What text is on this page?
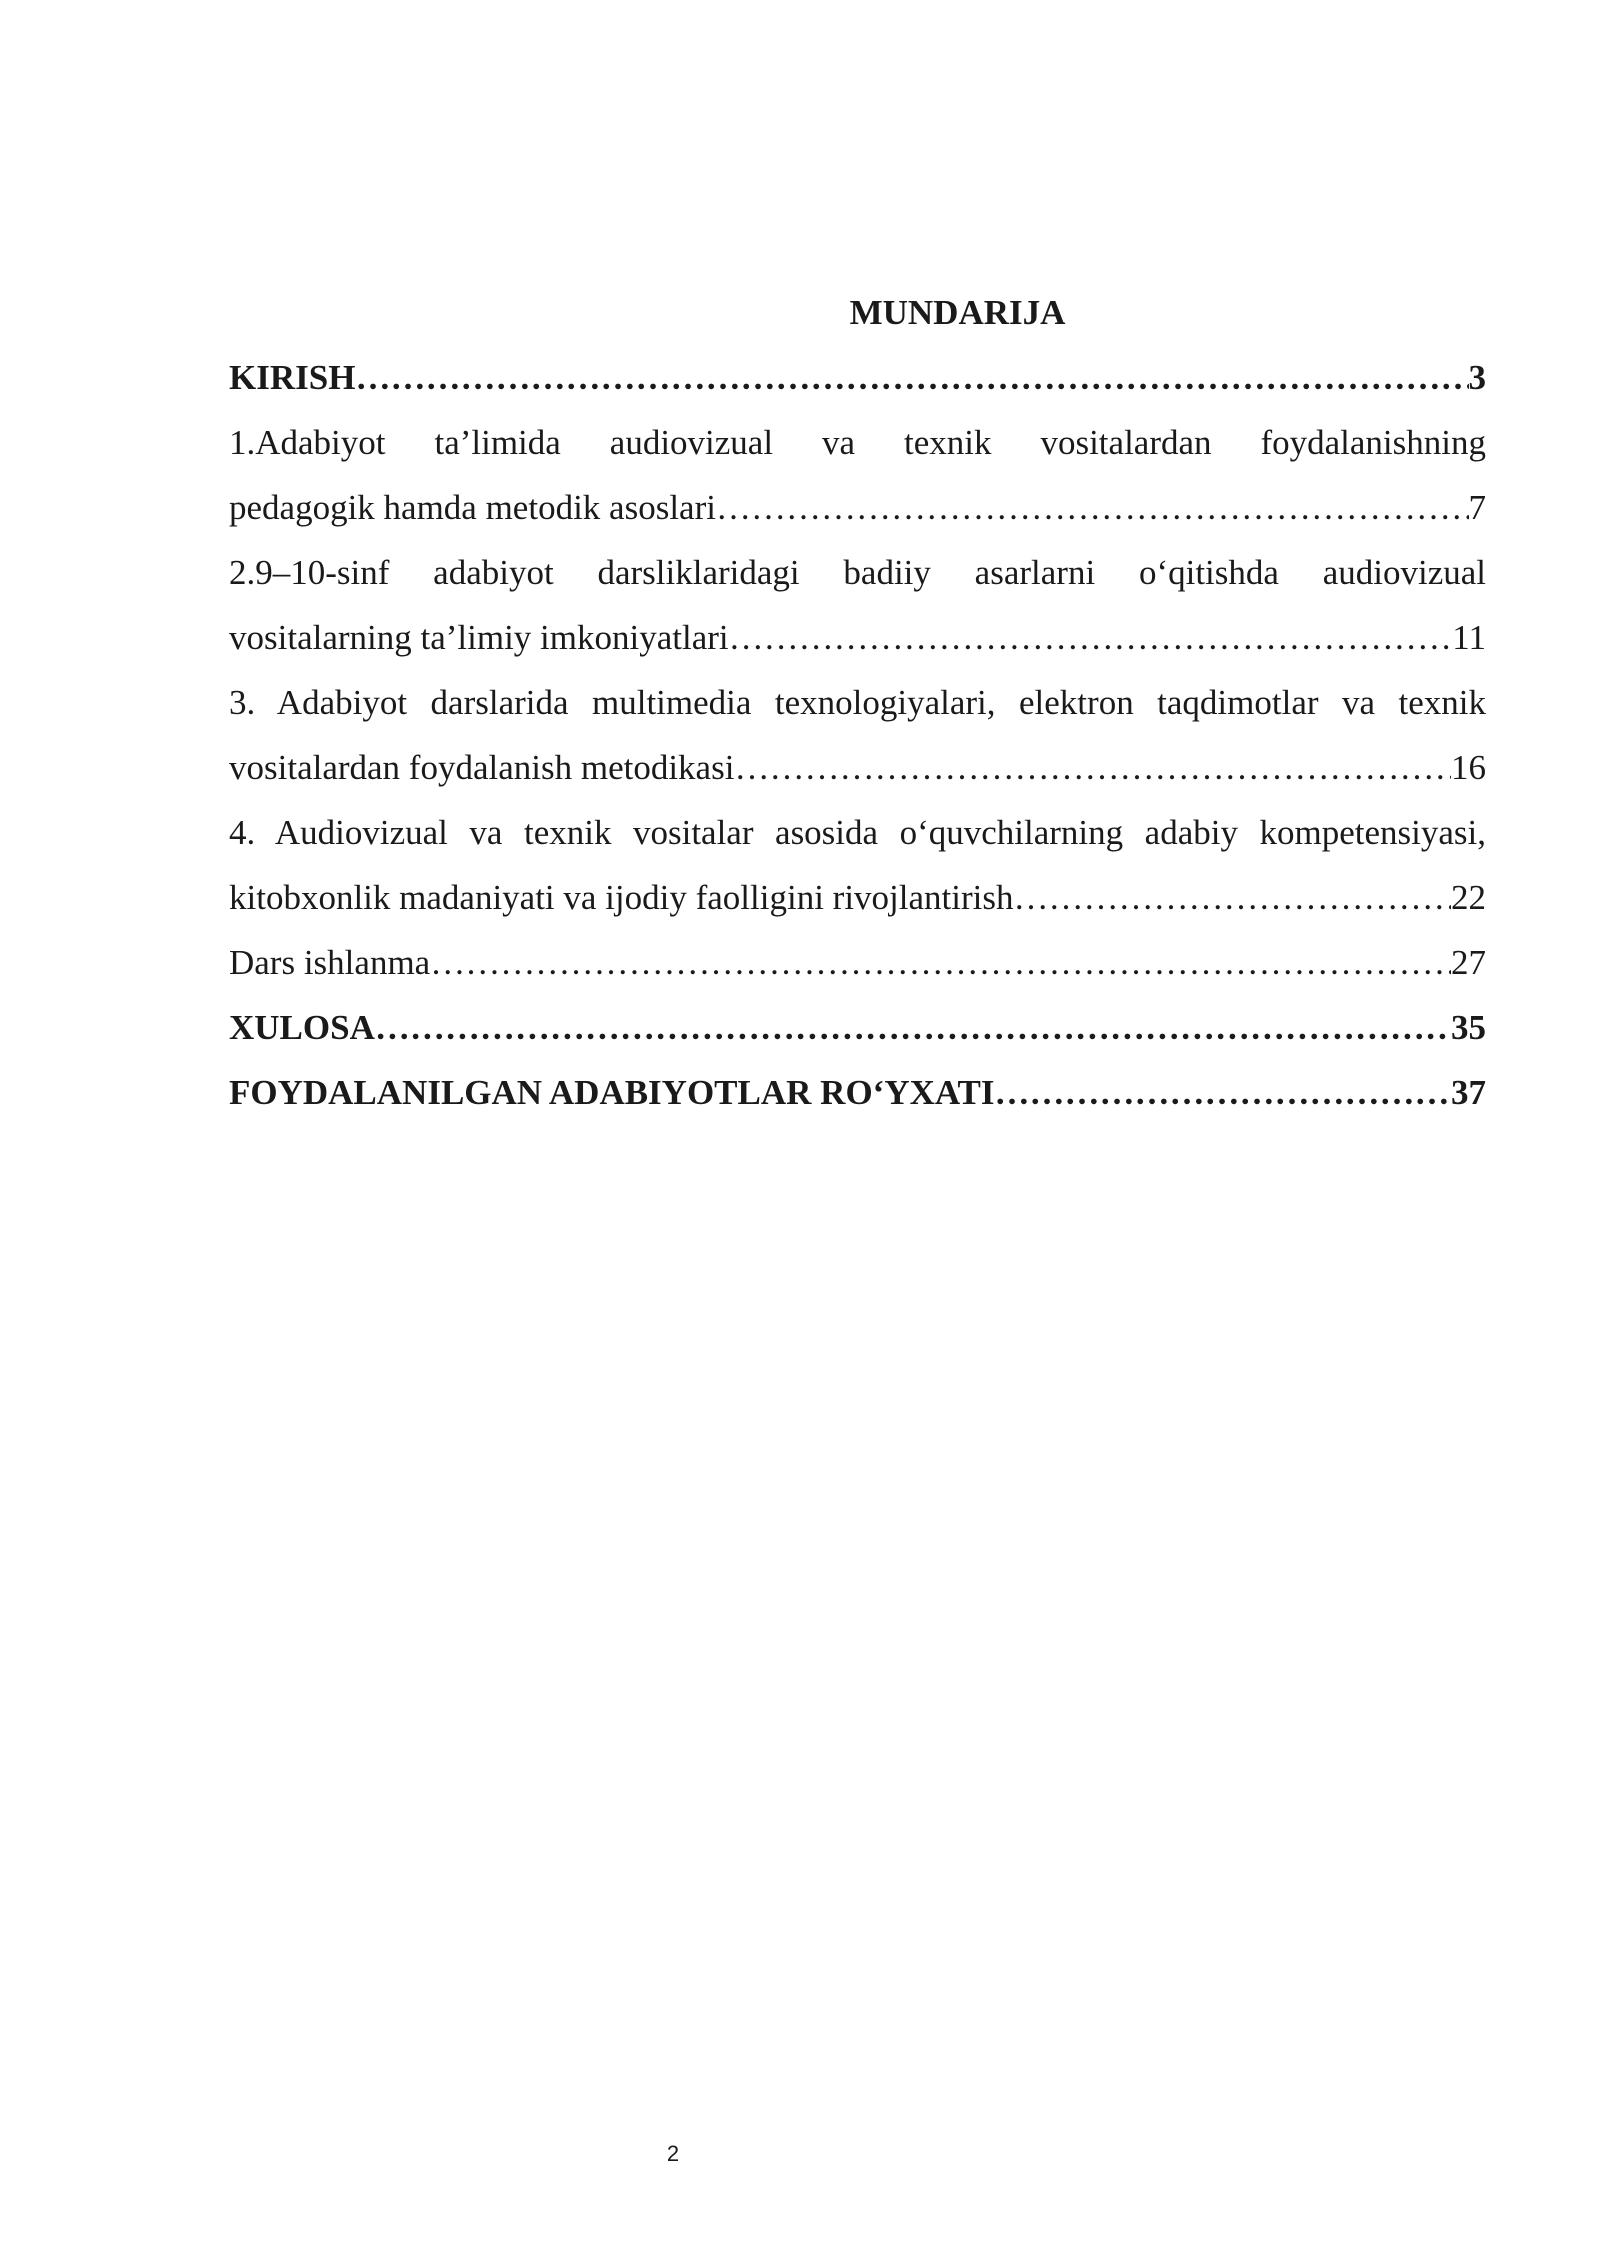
MUNDARIJA
KIRISH …………………………………………………………………………………………………………………………………………………………………………	3
1.Adabiyot ta’limida audiovizual va texnik vositalardan foydalanishning
pedagogik hamda metodik asoslari …………………………………………………………………………………………………………………………………………………………………………	7
2.9–10-sinf adabiyot darsliklaridagi badiiy asarlarni o‘qitishda audiovizual
vositalarning ta’limiy imkoniyatlari …………………………………………………………………………………………………………………………………………………………………………	11
3. Adabiyot darslarida multimedia texnologiyalari, elektron taqdimotlar va texnik
vositalardan foydalanish metodikasi …………………………………………………………………………………………………………………………………………………………………………	16
4. Audiovizual va texnik vositalar asosida o‘quvchilarning adabiy kompetensiyasi,
kitobxonlik madaniyati va ijodiy faolligini rivojlantirish …………………………………………………………………………………………………………………………………………………………………………	22
Dars ishlanma …………………………………………………………………………………………………………………………………………………………………………	27
XULOSA …………………………………………………………………………………………………………………………………………………………………………	35
FOYDALANILGAN ADABIYOTLAR RO‘YXATI …………………………………………………………………………………………………………………………………………………………………………	37
2
